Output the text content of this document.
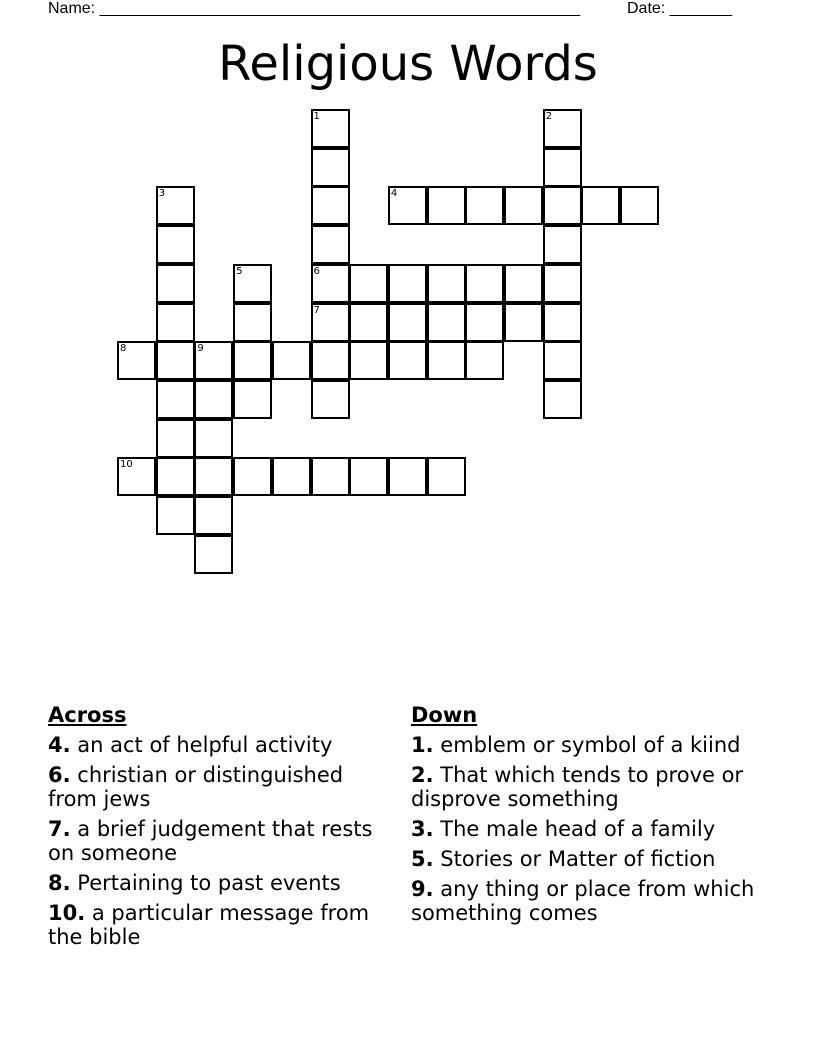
Name: ______________________________________________________	Date: _______
Religious Words
1
6
7
2
3	4
5
8	9
10
Across
4. an act of helpful activity
6. christian or distinguished from jews
7. a brief judgement that rests on someone
8. Pertaining to past events
10. a particular message from the bible
Down
1. emblem or symbol of a kiind
2. That which tends to prove or disprove something
3. The male head of a family
5. Stories or Matter of fiction
9. any thing or place from which something comes
